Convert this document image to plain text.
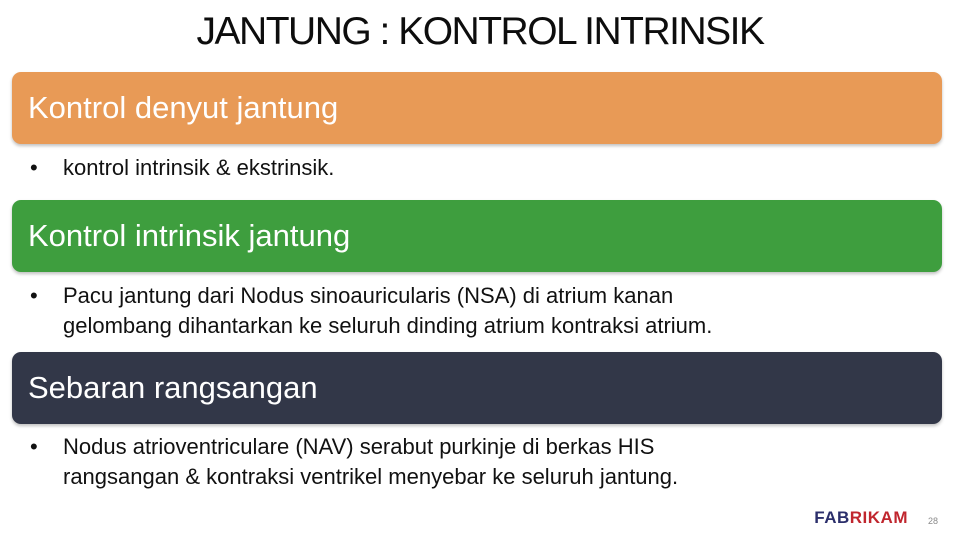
JANTUNG : KONTROL INTRINSIK
Kontrol denyut jantung
• kontrol intrinsik & ekstrinsik.
Kontrol intrinsik jantung
• Pacu jantung dari Nodus sinoauricularis (NSA) di atrium kanan
gelombang dihantarkan ke seluruh dinding atrium kontraksi atrium.
Sebaran rangsangan
• Nodus atrioventriculare (NAV) serabut purkinje di berkas HIS
rangsangan & kontraksi ventrikel menyebar ke seluruh jantung.
FABRIKAM 28
